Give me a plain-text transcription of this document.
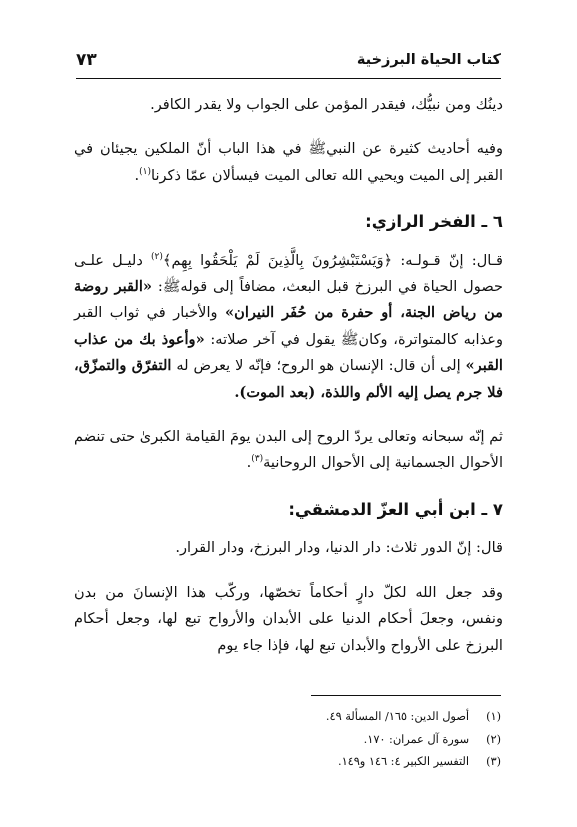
كتاب الحياة البرزخية
٧٣

دينُك ومن نبيُّك، فيقدر المؤمن على الجواب ولا يقدر الكافر.

وفيه أحاديث كثيرة عن النبيﷺ في هذا الباب أنّ الملكين يجيئان في القبر إلى الميت ويحيي الله تعالى الميت فيسألان عمّا ذكرنا$^{(١)}$.

٦ ـ الفخر الرازي:

قـال: إنّ قـولـه: ﴿وَيَسْتَبْشِرُونَ بِالَّذِينَ لَمْ يَلْحَقُوا بِهِم﴾$^{(٢)}$ دليـل علـى حصول الحياة في البرزخ قبل البعث، مضافاً إلى قولهﷺ: «القبر روضة من رياض الجنة، أو حفرة من حُفَر النيران» والأخبار في ثواب القبر وعذابه كالمتواترة، وكانﷺ يقول في آخر صلاته: «وأعوذ بك من عذاب القبر» إلى أن قال: الإنسان هو الروح؛ فإنّه لا يعرض له التفرّق والتمزّق، فلا جرم يصل إليه الألم واللذة، (بعد الموت).

ثم إنّه سبحانه وتعالى يردّ الروح إلى البدن يومَ القيامة الكبرىٰ حتى تنضم الأحوال الجسمانية إلى الأحوال الروحانية$^{(٣)}$.

٧ ـ ابن أبي العزّ الدمشقي:

قال: إنّ الدور ثلاث: دار الدنيا، ودار البرزخ، ودار القرار.

وقد جعل الله لكلّ دارٍ أحكاماً تخصّها، وركّب هذا الإنسانَ من بدن ونفس، وجعلَ أحكام الدنيا على الأبدان والأرواح تبع لها، وجعل أحكام البرزخ على الأرواح والأبدان تبع لها، فإذا جاء يوم

(١)
أصول الدين: ١٦٥/ المسألة ٤٩.
(٢)
سورة آل عمران: ١٧٠.
(٣)
التفسير الكبير ٤: ١٤٦ و١٤٩.
